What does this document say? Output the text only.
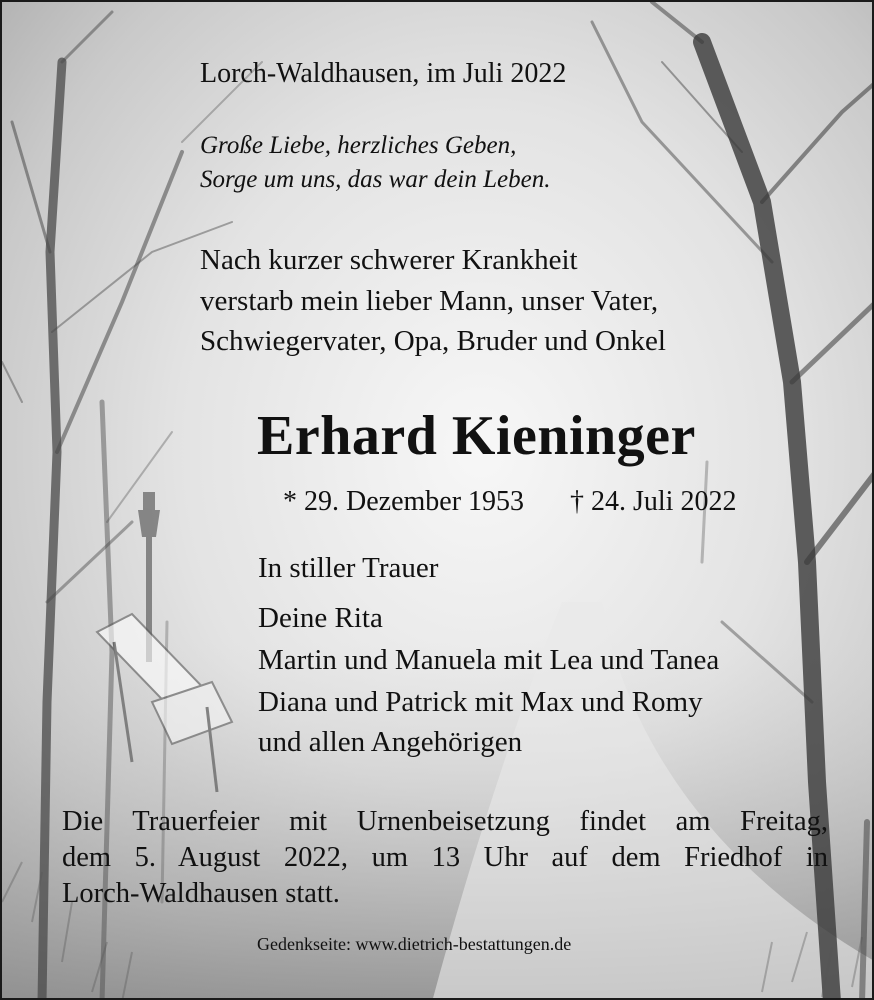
Lorch-Waldhausen, im Juli 2022

Große Liebe, herzliches Geben,

Sorge um uns, das war dein Leben.

Nach kurzer schwerer Krankheit

verstarb mein lieber Mann, unser Vater,

Schwiegervater, Opa, Bruder und Onkel

Erhard Kieninger

* 29. Dezember 1953 † 24. Juli 2022

In stiller Trauer

Deine Rita

Martin und Manuela mit Lea und Tanea

Diana und Patrick mit Max und Romy

und allen Angehörigen

Die Trauerfeier mit Urnenbeisetzung findet am Freitag,
dem 5. August 2022, um 13 Uhr auf dem Friedhof in
Lorch-Waldhausen statt.

Gedenkseite: www.dietrich-bestattungen.de
